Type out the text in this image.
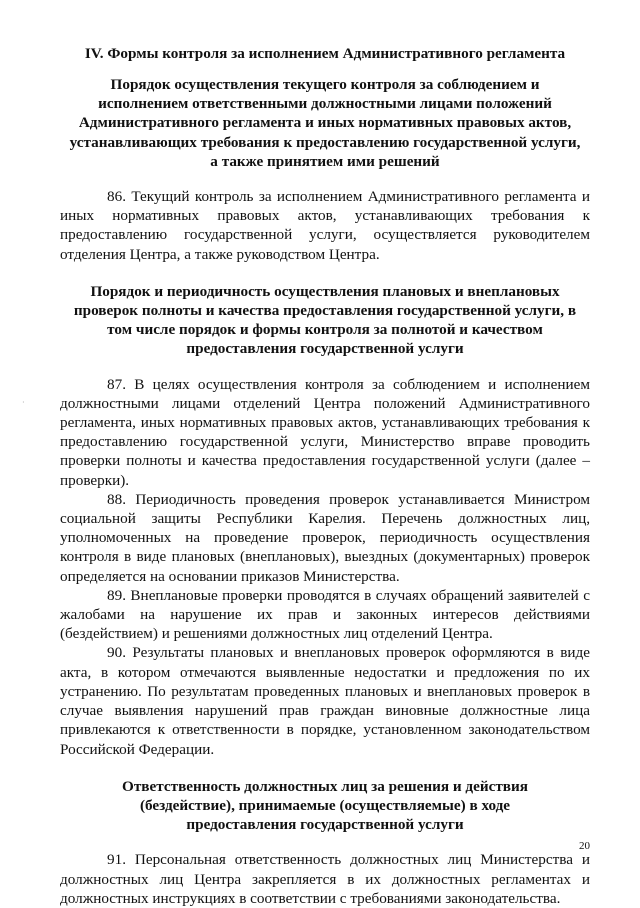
IV. Формы контроля за исполнением Административного регламента
Порядок осуществления текущего контроля за соблюдением и исполнением ответственными должностными лицами положений Административного регламента и иных нормативных правовых актов, устанавливающих требования к предоставлению государственной услуги, а также принятием ими решений

86. Текущий контроль за исполнением Административного регламента и иных нормативных правовых актов, устанавливающих требования к предоставлению государственной услуги, осуществляется руководителем отделения Центра, а также руководством Центра.

Порядок и периодичность осуществления плановых и внеплановых проверок полноты и качества предоставления государственной услуги, в том числе порядок и формы контроля за полнотой и качеством предоставления государственной услуги

87. В целях осуществления контроля за соблюдением и исполнением должностными лицами отделений Центра положений Административного регламента, иных нормативных правовых актов, устанавливающих требования к предоставлению государственной услуги, Министерство вправе проводить проверки полноты и качества предоставления государственной услуги (далее – проверки).

88. Периодичность проведения проверок устанавливается Министром социальной защиты Республики Карелия. Перечень должностных лиц, уполномоченных на проведение проверок, периодичность осуществления контроля в виде плановых (внеплановых), выездных (документарных) проверок определяется на основании приказов Министерства.

89. Внеплановые проверки проводятся в случаях обращений заявителей с жалобами на нарушение их прав и законных интересов действиями (бездействием) и решениями должностных лиц отделений Центра.

90. Результаты плановых и внеплановых проверок оформляются в виде акта, в котором отмечаются выявленные недостатки и предложения по их устранению. По результатам проведенных плановых и внеплановых проверок в случае выявления нарушений прав граждан виновные должностные лица привлекаются к ответственности в порядке, установленном законодательством Российской Федерации.

Ответственность должностных лиц за решения и действия (бездействие), принимаемые (осуществляемые) в ходе предоставления государственной услуги

91. Персональная ответственность должностных лиц Министерства и должностных лиц Центра закрепляется в их должностных регламентах и должностных инструкциях в соответствии с требованиями законодательства.

·
20
